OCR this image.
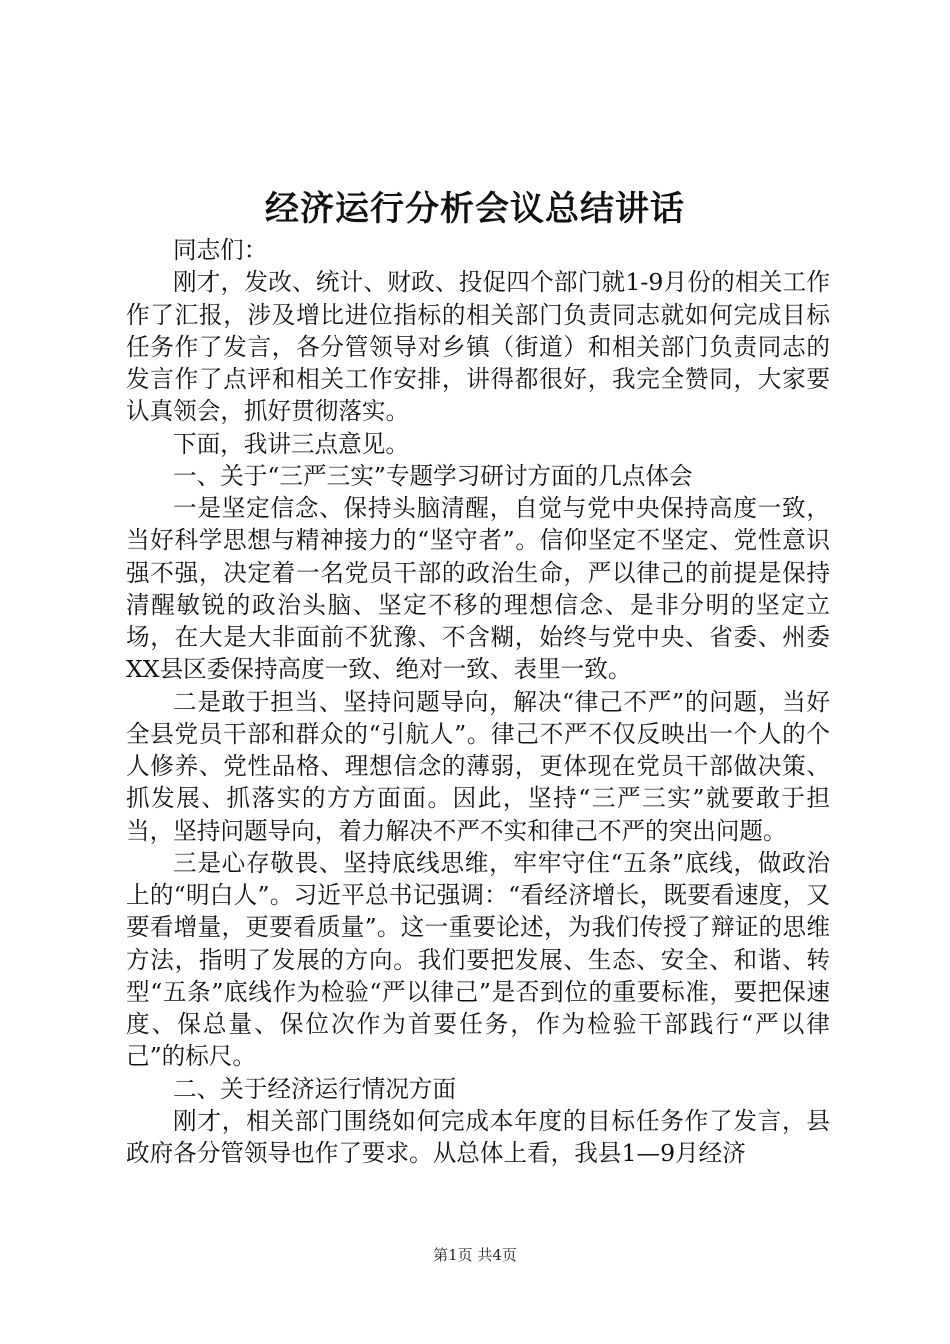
经济运行分析会议总结讲话

同志们：

刚才，发改、统计、财政、投促四个部门就1-9月份的相关工作作了汇报，涉及增比进位指标的相关部门负责同志就如何完成目标任务作了发言，各分管领导对乡镇（街道）和相关部门负责同志的发言作了点评和相关工作安排，讲得都很好，我完全赞同，大家要认真领会，抓好贯彻落实。

下面，我讲三点意见。

一、关于“三严三实”专题学习研讨方面的几点体会

一是坚定信念、保持头脑清醒，自觉与党中央保持高度一致，当好科学思想与精神接力的“坚守者”。信仰坚定不坚定、党性意识强不强，决定着一名党员干部的政治生命，严以律己的前提是保持清醒敏锐的政治头脑、坚定不移的理想信念、是非分明的坚定立场，在大是大非面前不犹豫、不含糊，始终与党中央、省委、州委XX县区委保持高度一致、绝对一致、表里一致。

二是敢于担当、坚持问题导向，解决“律己不严”的问题，当好全县党员干部和群众的“引航人”。律己不严不仅反映出一个人的个人修养、党性品格、理想信念的薄弱，更体现在党员干部做决策、抓发展、抓落实的方方面面。因此，坚持“三严三实”就要敢于担当，坚持问题导向，着力解决不严不实和律己不严的突出问题。

三是心存敬畏、坚持底线思维，牢牢守住“五条”底线，做政治上的“明白人”。习近平总书记强调：“看经济增长，既要看速度，又要看增量，更要看质量”。这一重要论述，为我们传授了辩证的思维方法，指明了发展的方向。我们要把发展、生态、安全、和谐、转型“五条”底线作为检验“严以律己”是否到位的重要标准，要把保速度、保总量、保位次作为首要任务，作为检验干部践行“严以律己”的标尺。

二、关于经济运行情况方面

刚才，相关部门围绕如何完成本年度的目标任务作了发言，县政府各分管领导也作了要求。从总体上看，我县1—9月经济

第1页 共4页
